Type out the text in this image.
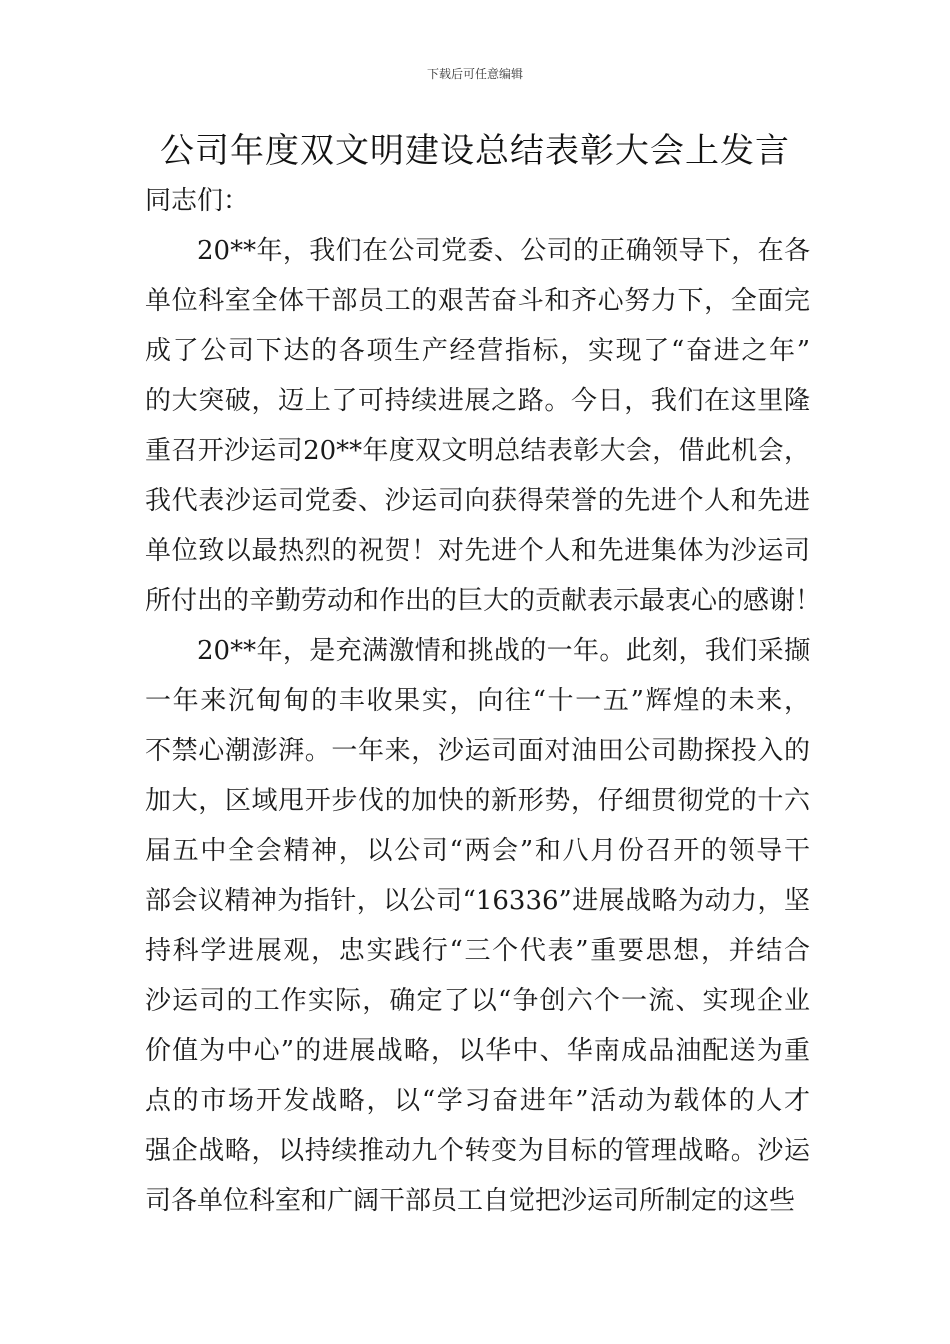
下载后可任意编辑
公司年度双文明建设总结表彰大会上发言

同志们：

20**年，我们在公司党委、公司的正确领导下，在各
单位科室全体干部员工的艰苦奋斗和齐心努力下，全面完
成了公司下达的各项生产经营指标，实现了“奋进之年”
的大突破，迈上了可持续进展之路。今日，我们在这里隆
重召开沙运司20**年度双文明总结表彰大会，借此机会，
我代表沙运司党委、沙运司向获得荣誉的先进个人和先进
单位致以最热烈的祝贺！对先进个人和先进集体为沙运司
所付出的辛勤劳动和作出的巨大的贡献表示最衷心的感谢！

20**年，是充满激情和挑战的一年。此刻，我们采撷
一年来沉甸甸的丰收果实，向往“十一五”辉煌的未来，
不禁心潮澎湃。一年来，沙运司面对油田公司勘探投入的
加大，区域甩开步伐的加快的新形势，仔细贯彻党的十六
届五中全会精神，以公司“两会”和八月份召开的领导干
部会议精神为指针，以公司“16336”进展战略为动力，坚
持科学进展观，忠实践行“三个代表”重要思想，并结合
沙运司的工作实际，确定了以“争创六个一流、实现企业
价值为中心”的进展战略，以华中、华南成品油配送为重
点的市场开发战略，以“学习奋进年”活动为载体的人才
强企战略，以持续推动九个转变为目标的管理战略。沙运
司各单位科室和广阔干部员工自觉把沙运司所制定的这些
